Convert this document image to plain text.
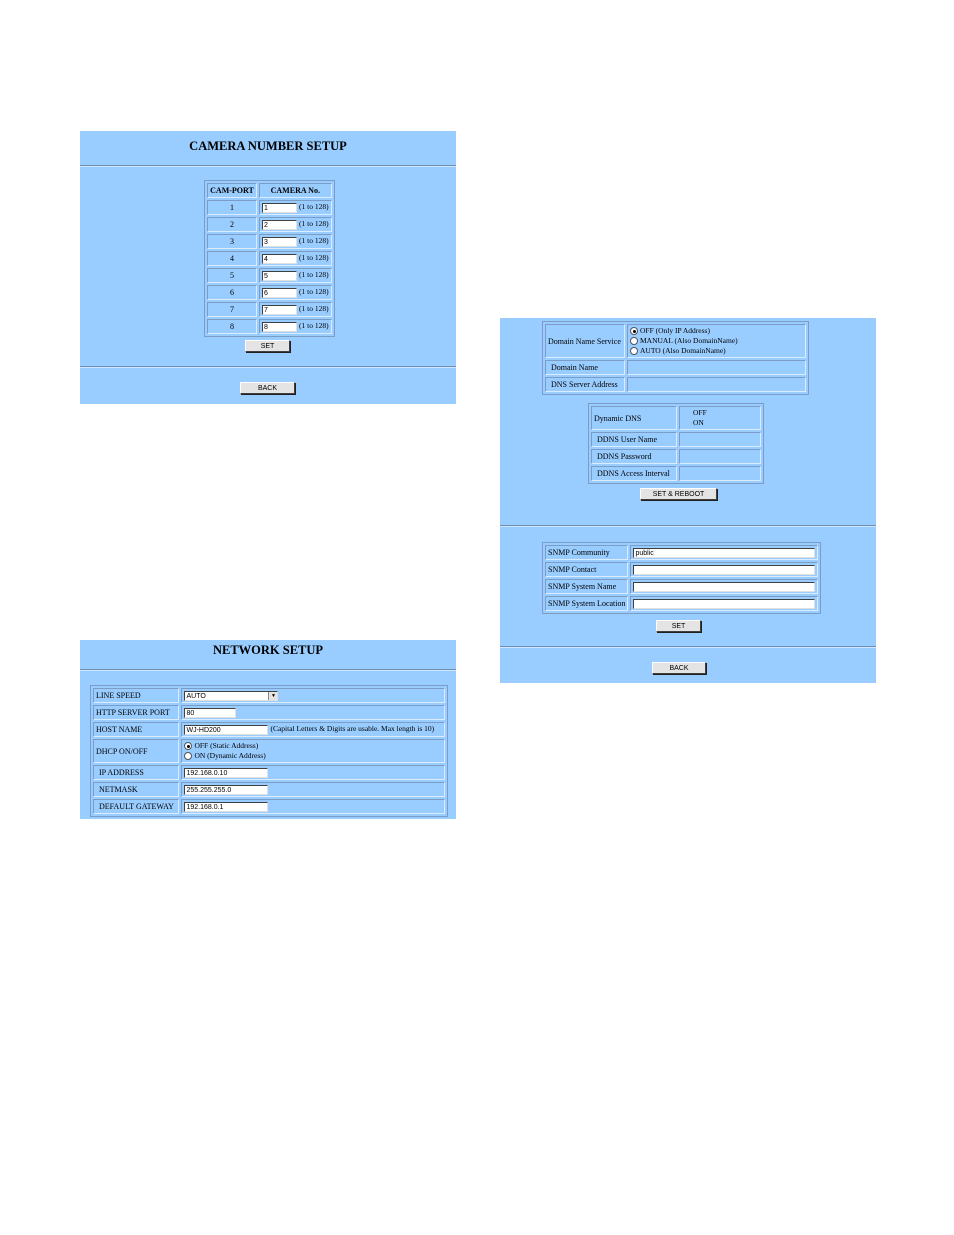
CAMERA NUMBER SETUP
CAM-PORT	CAMERA No.
1	1 (1 to 128)
2	2 (1 to 128)
3	3 (1 to 128)
4	4 (1 to 128)
5	5 (1 to 128)
6	6 (1 to 128)
7	7 (1 to 128)
8	8 (1 to 128)
SET
BACK
NETWORK SETUP
LINE SPEED	AUTO ▼

HTTP SERVER PORT	80
HOST NAME	WJ-HD200 (Capital Letters & Digits are usable. Max length is 10)
DHCP ON/OFF	OFF (Static Address)
ON (Dynamic Address)

IP ADDRESS	192.168.0.10
NETMASK	255.255.255.0
DEFAULT GATEWAY	192.168.0.1
Domain Name Service	OFF (Only IP Address)
MANUAL (Also DomainName)
AUTO (Also DomainName)

Domain Name	
DNS Server Address	
Dynamic DNS	OFF
ON

DDNS User Name	
DDNS Password	
DDNS Access Interval	
SET & REBOOT
SNMP Community	public
SNMP Contact	
SNMP System Name	
SNMP System Location	
SET
BACK
